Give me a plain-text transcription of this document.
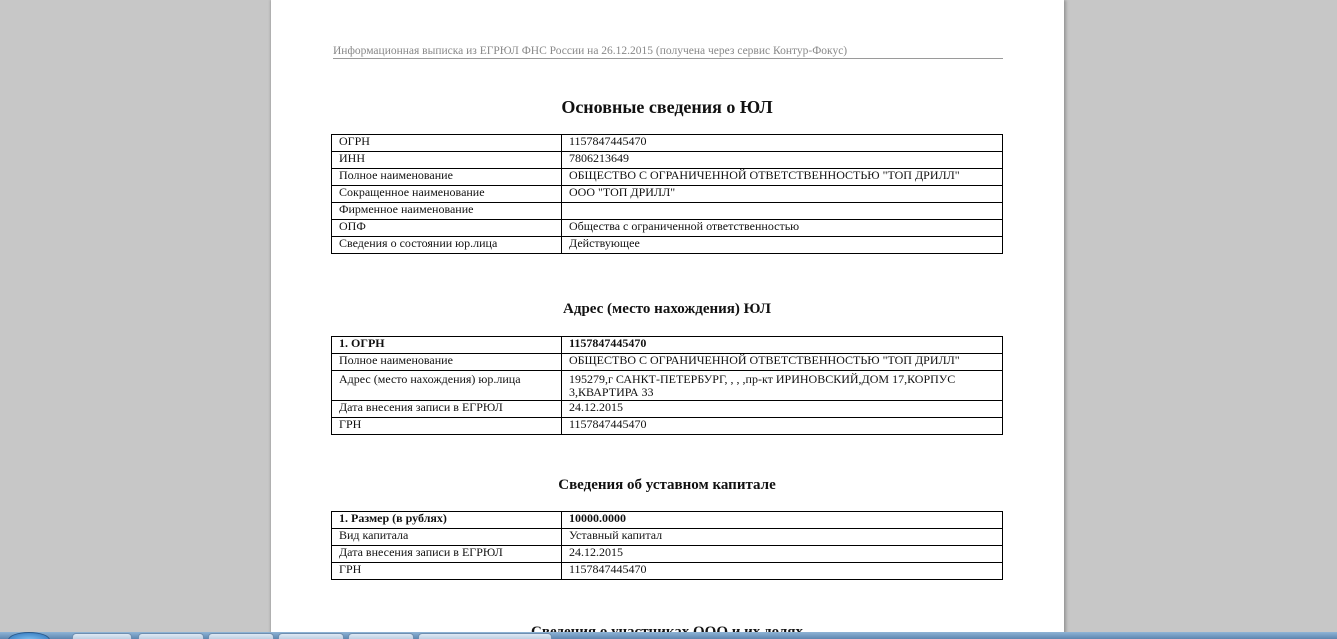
Информационная выписка из ЕГРЮЛ ФНС России на 26.12.2015 (получена через сервис Контур-Фокус)
Основные сведения о ЮЛ
ОГРН	1157847445470
ИНН	7806213649
Полное наименование	ОБЩЕСТВО С ОГРАНИЧЕННОЙ ОТВЕТСТВЕННОСТЬЮ "ТОП ДРИЛЛ"
Сокращенное наименование	ООО "ТОП ДРИЛЛ"
Фирменное наименование	
ОПФ	Общества с ограниченной ответственностью
Сведения о состоянии юр.лица	Действующее
Адрес (место нахождения) ЮЛ
1. ОГРН	1157847445470
Полное наименование	ОБЩЕСТВО С ОГРАНИЧЕННОЙ ОТВЕТСТВЕННОСТЬЮ "ТОП ДРИЛЛ"
Адрес (место нахождения) юр.лица	195279,г САНКТ-ПЕТЕРБУРГ, , , ,пр-кт ИРИНОВСКИЙ,ДОМ 17,КОРПУС 3,КВАРТИРА 33
Дата внесения записи в ЕГРЮЛ	24.12.2015
ГРН	1157847445470
Сведения об уставном капитале
1. Размер (в рублях)	10000.0000
Вид капитала	Уставный капитал
Дата внесения записи в ЕГРЮЛ	24.12.2015
ГРН	1157847445470
